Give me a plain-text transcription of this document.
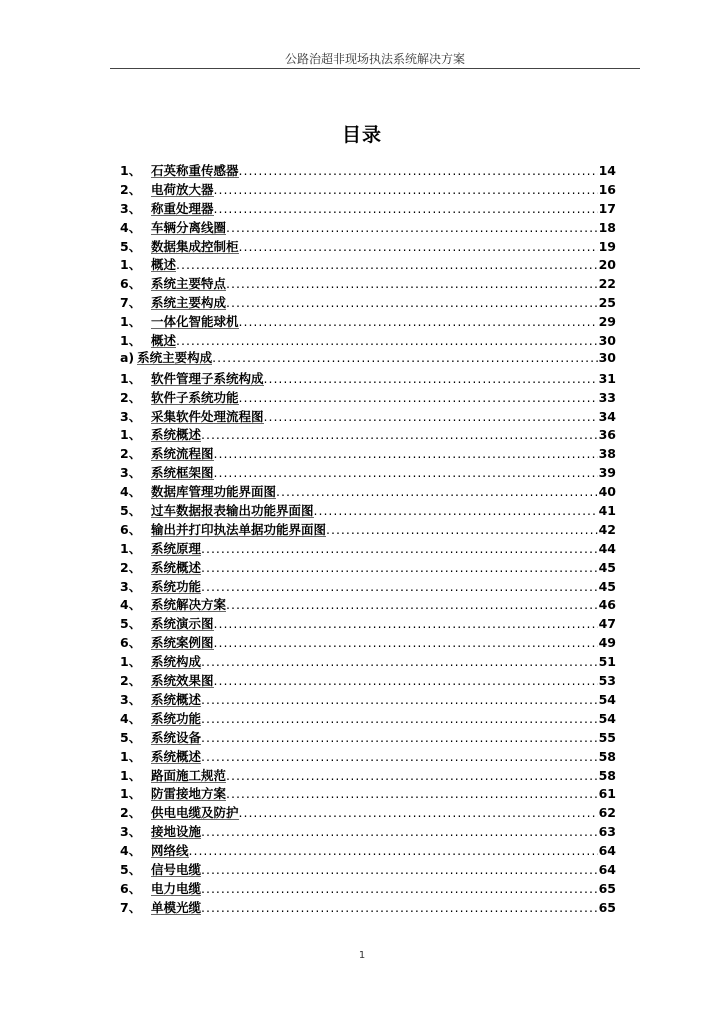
公路治超非现场执法系统解决方案
目录
1、 石英称重传感器 .....	14
2、 电荷放大器 .....	16
3、 称重处理器 .....	17
4、 车辆分离线圈 .....	18
5、 数据集成控制柜 .....	19
1、 概述 .....	20
6、 系统主要特点 .....	22
7、 系统主要构成 .....	25
1、 一体化智能球机 .....	29
1、 概述 .....	30
a) 系统主要构成 .....	30
1、 软件管理子系统构成 .....	31
2、 软件子系统功能 .....	33
3、 采集软件处理流程图 .....	34
1、 系统概述 .....	36
2、 系统流程图 .....	38
3、 系统框架图 .....	39
4、 数据库管理功能界面图 .....	40
5、 过车数据报表输出功能界面图 .....	41
6、 输出并打印执法单据功能界面图 .....	42
1、 系统原理 .....	44
2、 系统概述 .....	45
3、 系统功能 .....	45
4、 系统解决方案 .....	46
5、 系统演示图 .....	47
6、 系统案例图 .....	49
1、 系统构成 .....	51
2、 系统效果图 .....	53
3、 系统概述 .....	54
4、 系统功能 .....	54
5、 系统设备 .....	55
1、 系统概述 .....	58
1、 路面施工规范 .....	58
1、 防雷接地方案 .....	61
2、 供电电缆及防护 .....	62
3、 接地设施 .....	63
4、 网络线 .....	64
5、 信号电缆 .....	64
6、 电力电缆 .....	65
7、 单模光缆 .....	65
1
